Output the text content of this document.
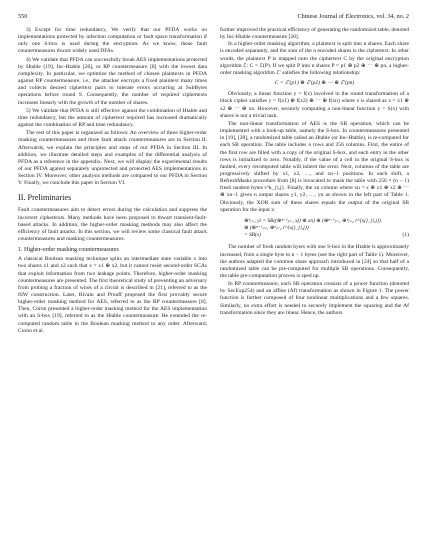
550	Chinese Journal of Electronics, vol. 34, no. 2

3) Except for time redundancy, We verify that our PFDA works on implementations protected by infection computation or fault space transformation if only one S-box is used during the encryption. As we know, those fault countermeasures thwart widely used DFAs.

4) We validate that PFDA can successfully break AES implementations protected by Htable [19], Inc-Htable [20], or RP countermeasure [8] with the lowest data complexity. In particular, we optimize the method of chosen plaintexts in PFDA against RP countermeasure, i.e., the attacker encrypts a fixed plaintext many times and collects desired ciphertext pairs to tolerate errors occurring at SubBytes operations before round 9. Consequently, the number of required ciphertexts increases linearly with the growth of the number of shares.

5) We validate that PFDA is still effective against the combination of Htable and time redundancy, but the amount of ciphertext required has increased dramatically against the combination of RP and time redundancy.

The rest of this paper is organized as follows: An overview of three higher-order masking countermeasures and three fault attack countermeasures are in Section II. Afterwards, we explain the principles and steps of our PFDA in Section III. In addition, we illustrate detailed steps and examples of the differential analysis of PFDA as a reference in the appendix. Next, we will display the experimental results of our PFDA against separately unprotected and protected AES implementations in Section IV. Moreover, other analysis methods are compared to our PFDA in Section V. Finally, we conclude this paper in Section VI.

II. Preliminaries

Fault countermeasures aim to detect errors during the calculation and suppress the incorrect ciphertexts. Many methods have been proposed to thwart transient-fault-based attacks. In addition, the higher-order masking methods may also affect the efficiency of fault attacks. In this section, we will review some classical fault attack countermeasures and masking countermeasures.

1. Higher-order masking countermeasures

A classical Boolean masking technique splits an intermediate state variable x into two shares x1 and x2 such that x = x1 ⊕ x2, but it cannot resist second-order SCAs that exploit information from two leakage points. Therefore, higher-order masking countermeasures are presented. The first theoretical study of preventing an adversary from probing a fraction of wires of a circuit is described in [21], referred to as the ISW construction. Later, Rivain and Prouff proposed the first provably secure higher-order masking method for AES, referred to as the RP countermeasure [8]. Then, Coron presented a higher-order masking method for the AES implementation with an S-box [19], referred to as the Htable countermeasure. He extended the re-computed random table in the Boolean masking method to any order. Afterward, Coron et al.

further improved the practical efficiency of generating the randomized table, denoted by Inc-Htable countermeasure [20].

In a higher-order masking algorithm, a plaintext is split into n shares. Each share is encoded separately, and the sum of the n encoded shares is the ciphertext. In other words, the plaintext P is mapped onto the ciphertext C by the original encryption algorithm ℰ: C = ℰ(P). If we split P into n shares P = p1 ⊕ p2 ⊕ ⋯ ⊕ pn, a higher-order masking algorithm ℰ′ satisfies the following relationship:

C = ℰ′(p1) ⊕ ℰ′(p2) ⊕ ⋯ ⊕ ℰ′(pn)

Obviously, a linear function y = f(x) involved in the round transformation of a block cipher satisfies y = f(x1) ⊕ f(x2) ⊕ ⋯ ⊕ f(xn) where x is shared as x = x1 ⊕ x2 ⊕ ⋯ ⊕ xn. However, securely computing a non-linear function y = S(x) with shares is not a trivial task.

The non-linear transformation of AES is the SB operation, which can be implemented with a look-up table, namely the S-box. In countermeasures presented in [19], [20], a randomized table called an Htable (or Inc-Htable), is re-computed for each SB operation. The table includes n rows and 256 columns. First, the entire of the first row are filled with a copy of the original S-box, and each entry in the other rows is initialized to zero. Notably, if the value of a cell in the original S-box is faulted, every recomputed table will inherit the error. Next, columns of the table are progressively shifted by x1, x2, …, and xn−1 positions. In each shift, a RefreshMasks procedure from [8] is invocated to mask the table with 256 × (n − 1) fresh random bytes r^k_{i,j}. Finally, the xn column where xn = x ⊕ x1 ⊕ x2 ⊕ ⋯ ⊕ xn−1 gives n output shares y1, y2, …, yn as shown in the left part of Table 1. Obviously, the XOR sum of these shares equals the output of the original SB operation for the input x:

⊕ⁿᵢ₌₁ yi = SB((⊕ⁿ⁻¹ⱼ₌₁ xj) ⊕ xn) ⊕ (⊕ⁿ⁻¹ⱼ₌₁ ⊕ⁿᵢ₌₂ r^{xj}_{i,j})
⊕ (⊕ⁿ⁻¹ⱼ₌₁ ⊕ⁿᵢ₌₂ r^{xj}_{i,j})
= SB(x)	(1)

The number of fresh random bytes with one S-box in the Htable is approximately increased, from a single byte to n − 1 bytes (see the right part of Table 1). Moreover, the authors adapted the common share approach introduced in [24] so that half of a randomized table can be pre-computed for multiple SB operations. Consequently, the table pre-computation process is sped up.

In RP countermeasure, each SB operation consists of a power function (denoted by SecExp254) and an affine (Af) transformation as shown in Figure 1. The power function is further composed of four nonlinear multiplications and a few squares. Similarly, no extra effort is needed to securely implement the squaring and the Af transformation since they are linear. Hence, the authors
